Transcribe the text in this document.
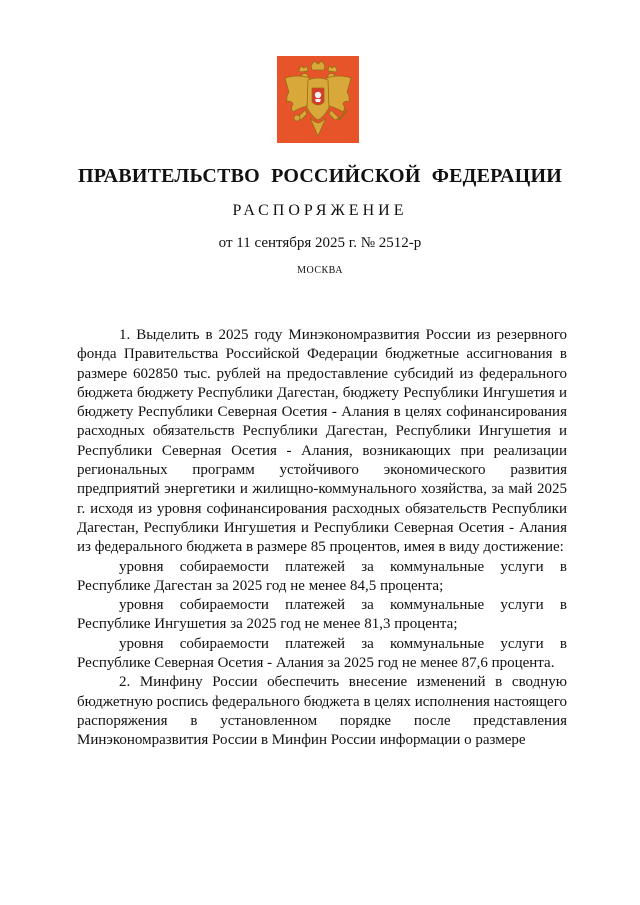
ПРАВИТЕЛЬСТВО РОССИЙСКОЙ ФЕДЕРАЦИИ
РАСПОРЯЖЕНИЕ
от 11 сентября 2025 г. № 2512-р
МОСКВА

1. Выделить в 2025 году Минэкономразвития России из резервного фонда Правительства Российской Федерации бюджетные ассигнования в размере 602850 тыс. рублей на предоставление субсидий из федерального бюджета бюджету Республики Дагестан, бюджету Республики Ингушетия и бюджету Республики Северная Осетия - Алания в целях софинансирования расходных обязательств Республики Дагестан, Республики Ингушетия и Республики Северная Осетия - Алания, возникающих при реализации региональных программ устойчивого экономического развития предприятий энергетики и жилищно-коммунального хозяйства, за май 2025 г. исходя из уровня софинансирования расходных обязательств Республики Дагестан, Республики Ингушетия и Республики Северная Осетия - Алания из федерального бюджета в размере 85 процентов, имея в виду достижение:

уровня собираемости платежей за коммунальные услуги в Республике Дагестан за 2025 год не менее 84,5 процента;

уровня собираемости платежей за коммунальные услуги в Республике Ингушетия за 2025 год не менее 81,3 процента;

уровня собираемости платежей за коммунальные услуги в Республике Северная Осетия - Алания за 2025 год не менее 87,6 процента.

2. Минфину России обеспечить внесение изменений в сводную бюджетную роспись федерального бюджета в целях исполнения настоящего распоряжения в установленном порядке после представления Минэкономразвития России в Минфин России информации о размере
